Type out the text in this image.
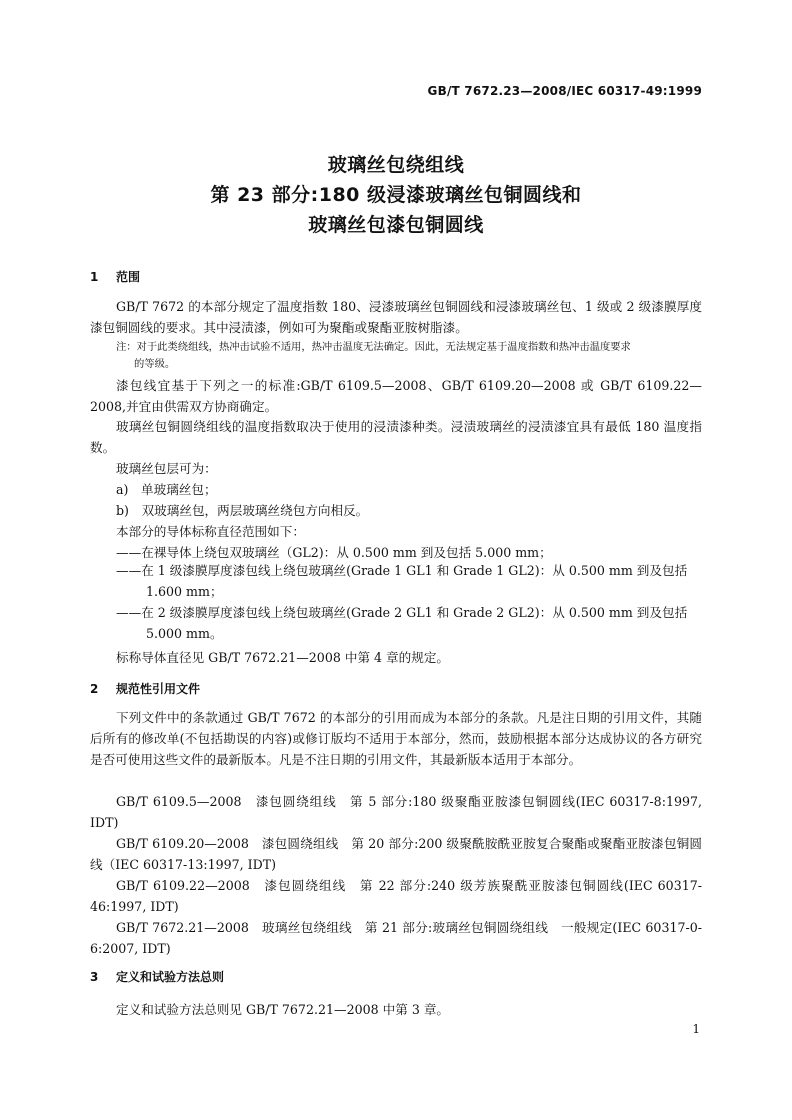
GB/T 7672.23—2008/IEC 60317-49:1999
玻璃丝包绕组线
第 23 部分:180 级浸漆玻璃丝包铜圆线和
玻璃丝包漆包铜圆线
1 范围

GB/T 7672 的本部分规定了温度指数 180、浸漆玻璃丝包铜圆线和浸漆玻璃丝包、1 级或 2 级漆膜厚度漆包铜圆线的要求。其中浸渍漆，例如可为聚酯或聚酯亚胺树脂漆。

注：对于此类绕组线，热冲击试验不适用，热冲击温度无法确定。因此，无法规定基于温度指数和热冲击温度要求
的等级。

漆包线宜基于下列之一的标准:GB/T 6109.5—2008、GB/T 6109.20—2008 或 GB/T 6109.22—2008,并宜由供需双方协商确定。

玻璃丝包铜圆绕组线的温度指数取决于使用的浸渍漆种类。浸渍玻璃丝的浸渍漆宜具有最低 180 温度指数。

玻璃丝包层可为：
a)　单玻璃丝包；
b)　双玻璃丝包，两层玻璃丝绕包方向相反。
本部分的导体标称直径范围如下：
——在裸导体上绕包双玻璃丝（GL2)：从 0.500 mm 到及包括 5.000 mm；
——在 1 级漆膜厚度漆包线上绕包玻璃丝(Grade 1 GL1 和 Grade 1 GL2)：从 0.500 mm 到及包括
1.600 mm；
——在 2 级漆膜厚度漆包线上绕包玻璃丝(Grade 2 GL1 和 Grade 2 GL2)：从 0.500 mm 到及包括
5.000 mm。
标称导体直径见 GB/T 7672.21—2008 中第 4 章的规定。
2 规范性引用文件

下列文件中的条款通过 GB/T 7672 的本部分的引用而成为本部分的条款。凡是注日期的引用文件，其随后所有的修改单(不包括勘误的内容)或修订版均不适用于本部分，然而，鼓励根据本部分达成协议的各方研究是否可使用这些文件的最新版本。凡是不注日期的引用文件，其最新版本适用于本部分。

GB/T 6109.5—2008　漆包圆绕组线　第 5 部分:180 级聚酯亚胺漆包铜圆线(IEC 60317-8:1997, IDT)

GB/T 6109.20—2008　漆包圆绕组线　第 20 部分:200 级聚酰胺酰亚胺复合聚酯或聚酯亚胺漆包铜圆线（IEC 60317-13:1997, IDT)

GB/T 6109.22—2008　漆包圆绕组线　第 22 部分:240 级芳族聚酰亚胺漆包铜圆线(IEC 60317-46:1997, IDT)

GB/T 7672.21—2008　玻璃丝包绕组线　第 21 部分:玻璃丝包铜圆绕组线　一般规定(IEC 60317-0-6:2007, IDT)

3 定义和试验方法总则
定义和试验方法总则见 GB/T 7672.21—2008 中第 3 章。
1
